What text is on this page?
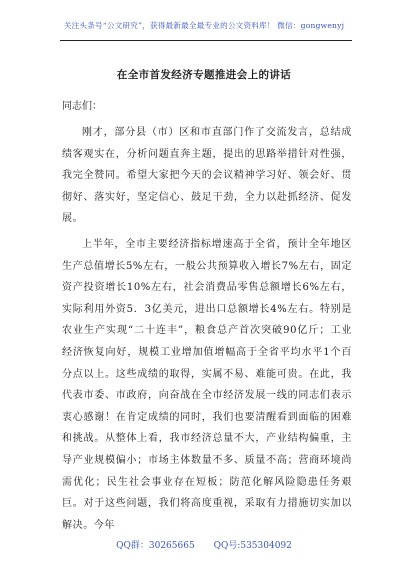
关注头条号“公文研究”，获得最新最全最专业的公文资料库！ 微信：gongwenyj
在全市首发经济专题推进会上的讲话
同志们：

刚才，部分县（市）区和市直部门作了交流发言，总结成绩客观实在，分析问题直奔主题，提出的思路举措针对性强，我完全赞同。希望大家把今天的会议精神学习好、领会好、贯彻好、落实好，坚定信心、鼓足干劲，全力以赴抓经济、促发展。

上半年，全市主要经济指标增速高于全省，预计全年地区生产总值增长5%左右，一般公共预算收入增长7%左右，固定资产投资增长10%左右，社会消费品零售总额增长6%左右，实际利用外资5．3亿美元，进出口总额增长4%左右。特别是农业生产实现“二十连丰”，粮食总产首次突破90亿斤；工业经济恢复向好，规模工业增加值增幅高于全省平均水平1个百分点以上。这些成绩的取得，实属不易、难能可贵。在此，我代表市委、市政府，向奋战在全市经济发展一线的同志们表示衷心感谢！在肯定成绩的同时，我们也要清醒看到面临的困难和挑战。从整体上看，我市经济总量不大，产业结构偏重，主导产业规模偏小；市场主体数量不多、质量不高；营商环境尚需优化；民生社会事业存在短板；防范化解风险隐患任务艰巨。对于这些问题，我们将高度重视，采取有力措施切实加以解决。今年

QQ群：30265665 QQ号:535304092
